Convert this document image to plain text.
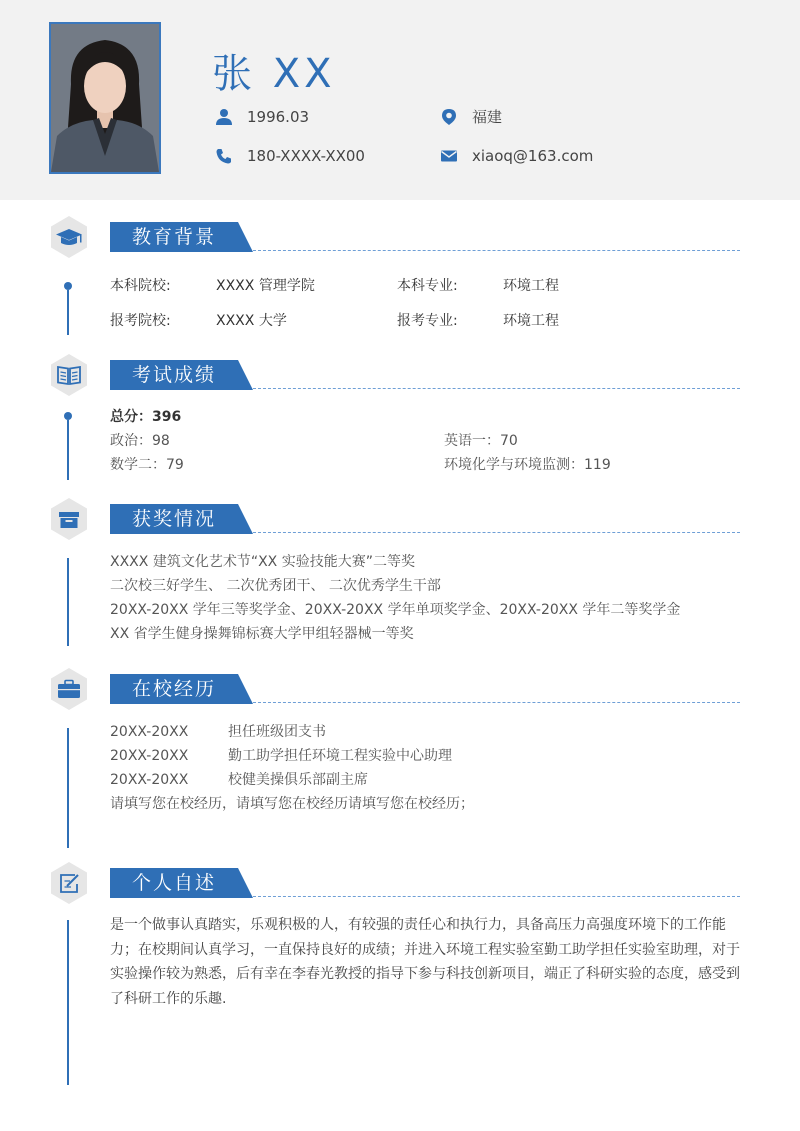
张 XX
1996.03	福建
180-XXXX-XX00	xiaoq@163.com
教育背景
本科院校:	XXXX 管理学院	本科专业:	环境工程
报考院校:	XXXX 大学	报考专业:	环境工程
考试成绩
总分：396
政治：98	英语一：70
数学二：79	环境化学与环境监测：119
获奖情况
XXXX 建筑文化艺术节“XX 实验技能大赛”二等奖
二次校三好学生、 二次优秀团干、 二次优秀学生干部
20XX-20XX 学年三等奖学金、20XX-20XX 学年单项奖学金、20XX-20XX 学年二等奖学金
XX 省学生健身操舞锦标赛大学甲组轻器械一等奖
在校经历
20XX-20XX	担任班级团支书
20XX-20XX	勤工助学担任环境工程实验中心助理
20XX-20XX	校健美操俱乐部副主席
请填写您在校经历，请填写您在校经历请填写您在校经历；
个人自述
是一个做事认真踏实，乐观积极的人，有较强的责任心和执行力，具备高压力高强度环境下的工作能力；在校期间认真学习，一直保持良好的成绩；并进入环境工程实验室勤工助学担任实验室助理，对于实验操作较为熟悉，后有幸在李春光教授的指导下参与科技创新项目，端正了科研实验的态度，感受到了科研工作的乐趣.
